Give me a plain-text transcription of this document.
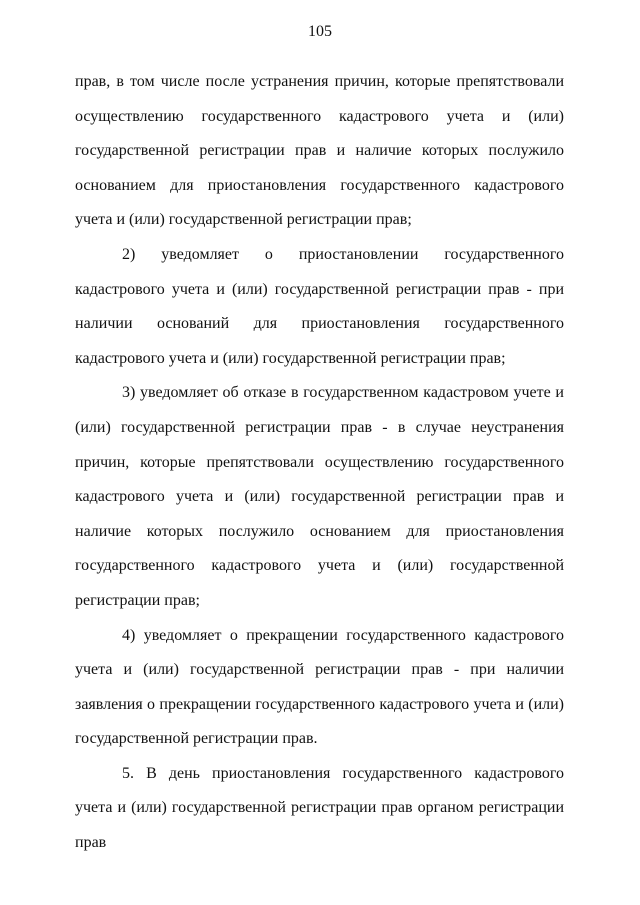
105

прав, в том числе после устранения причин, которые препятствовали осуществлению государственного кадастрового учета и (или) государственной регистрации прав и наличие которых послужило основанием для приостановления государственного кадастрового учета и (или) государственной регистрации прав;

2) уведомляет о приостановлении государственного кадастрового учета и (или) государственной регистрации прав - при наличии оснований для приостановления государственного кадастрового учета и (или) государственной регистрации прав;

3) уведомляет об отказе в государственном кадастровом учете и (или) государственной регистрации прав - в случае неустранения причин, которые препятствовали осуществлению государственного кадастрового учета и (или) государственной регистрации прав и наличие которых послужило основанием для приостановления государственного кадастрового учета и (или) государственной регистрации прав;

4) уведомляет о прекращении государственного кадастрового учета и (или) государственной регистрации прав - при наличии заявления о прекращении государственного кадастрового учета и (или) государственной регистрации прав.

5. В день приостановления государственного кадастрового учета и (или) государственной регистрации прав органом регистрации прав
